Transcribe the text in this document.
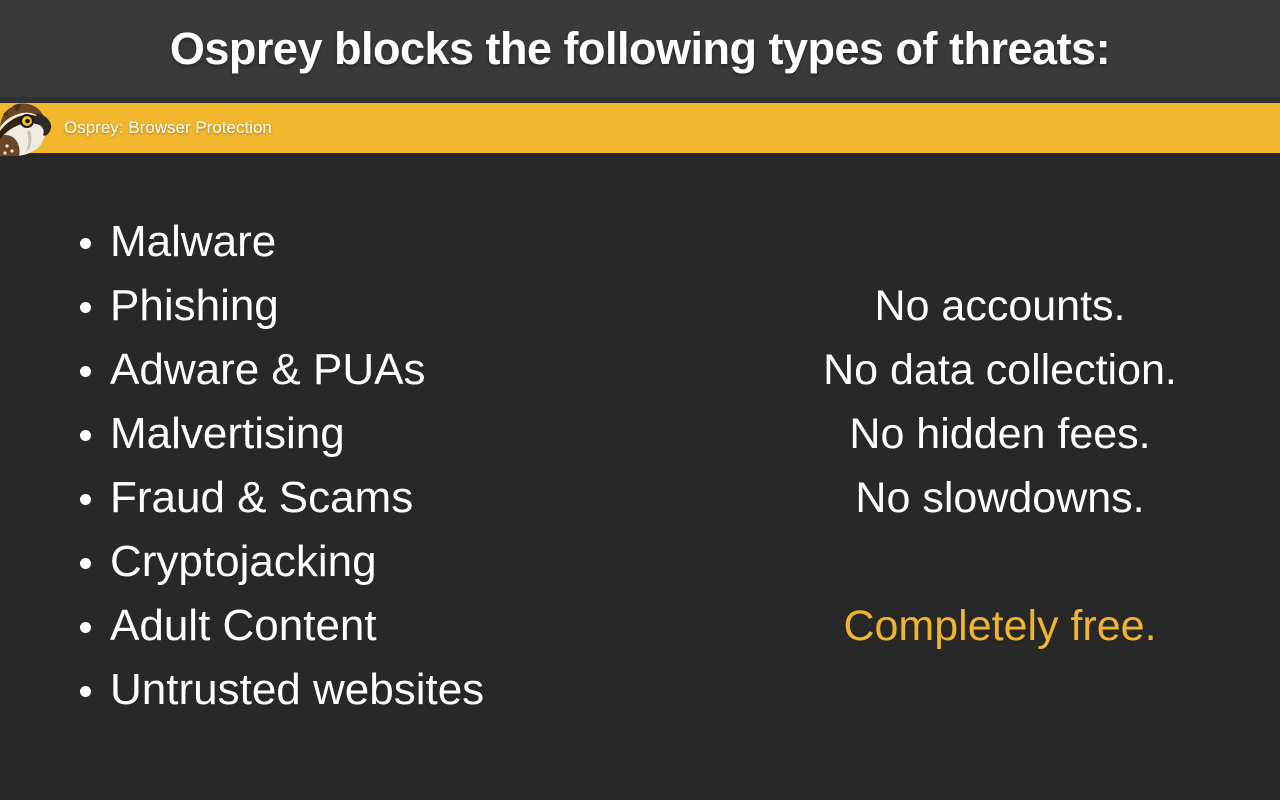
Osprey blocks the following types of threats:
Osprey: Browser Protection
Malware
Phishing
Adware & PUAs
Malvertising
Fraud & Scams
Cryptojacking
Adult Content
Untrusted websites
No accounts.
No data collection.
No hidden fees.
No slowdowns.
Completely free.
